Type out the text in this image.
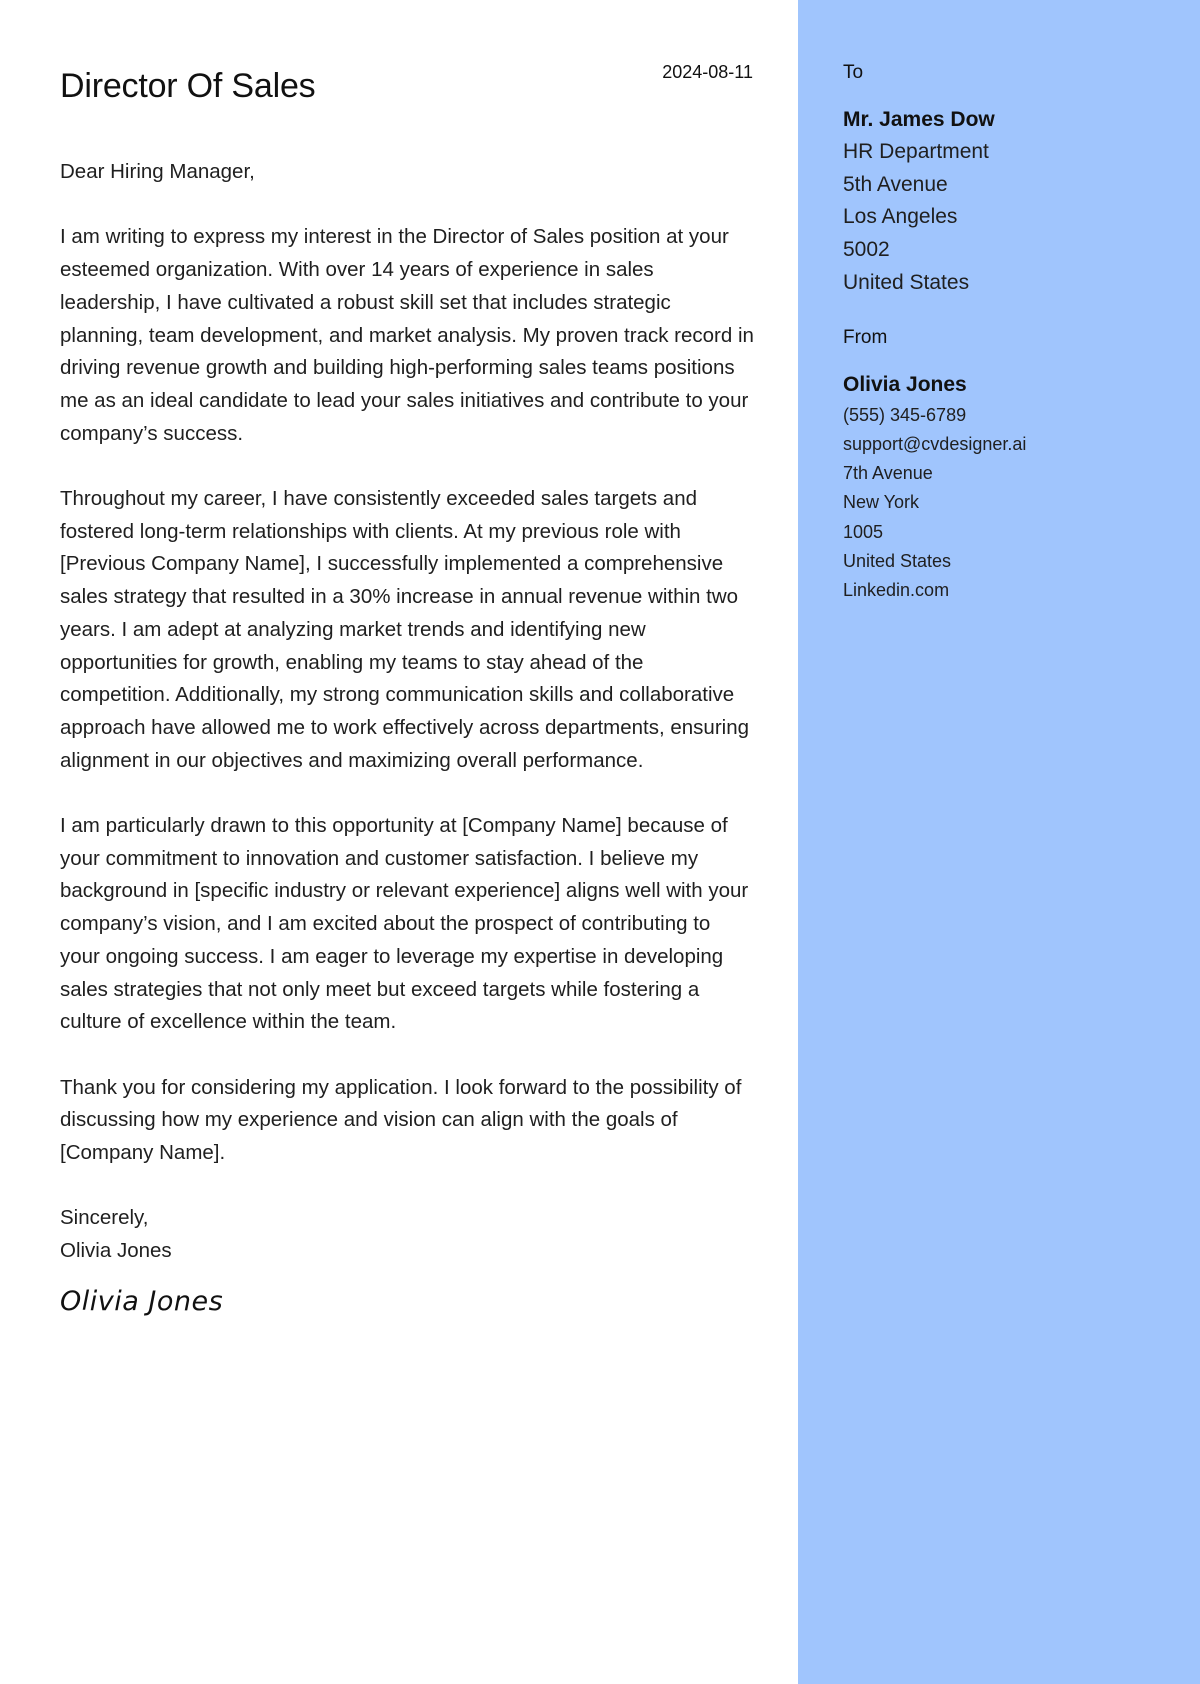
Director Of Sales	2024-08-11

Dear Hiring Manager,

I am writing to express my interest in the Director of Sales position at your esteemed organization. With over 14 years of experience in sales leadership, I have cultivated a robust skill set that includes strategic planning, team development, and market analysis. My proven track record in driving revenue growth and building high-performing sales teams positions me as an ideal candidate to lead your sales initiatives and contribute to your company’s success.

Throughout my career, I have consistently exceeded sales targets and fostered long-term relationships with clients. At my previous role with [Previous Company Name], I successfully implemented a comprehensive sales strategy that resulted in a 30% increase in annual revenue within two years. I am adept at analyzing market trends and identifying new opportunities for growth, enabling my teams to stay ahead of the competition. Additionally, my strong communication skills and collaborative approach have allowed me to work effectively across departments, ensuring alignment in our objectives and maximizing overall performance.

I am particularly drawn to this opportunity at [Company Name] because of your commitment to innovation and customer satisfaction. I believe my background in [specific industry or relevant experience] aligns well with your company’s vision, and I am excited about the prospect of contributing to your ongoing success. I am eager to leverage my expertise in developing sales strategies that not only meet but exceed targets while fostering a culture of excellence within the team.

Thank you for considering my application. I look forward to the possibility of discussing how my experience and vision can align with the goals of [Company Name].

Sincerely,
Olivia Jones
Olivia Jones
To
Mr. James Dow
HR Department
5th Avenue
Los Angeles
5002
United States
From
Olivia Jones
(555) 345-6789
support@cvdesigner.ai
7th Avenue
New York
1005
United States
Linkedin.com
